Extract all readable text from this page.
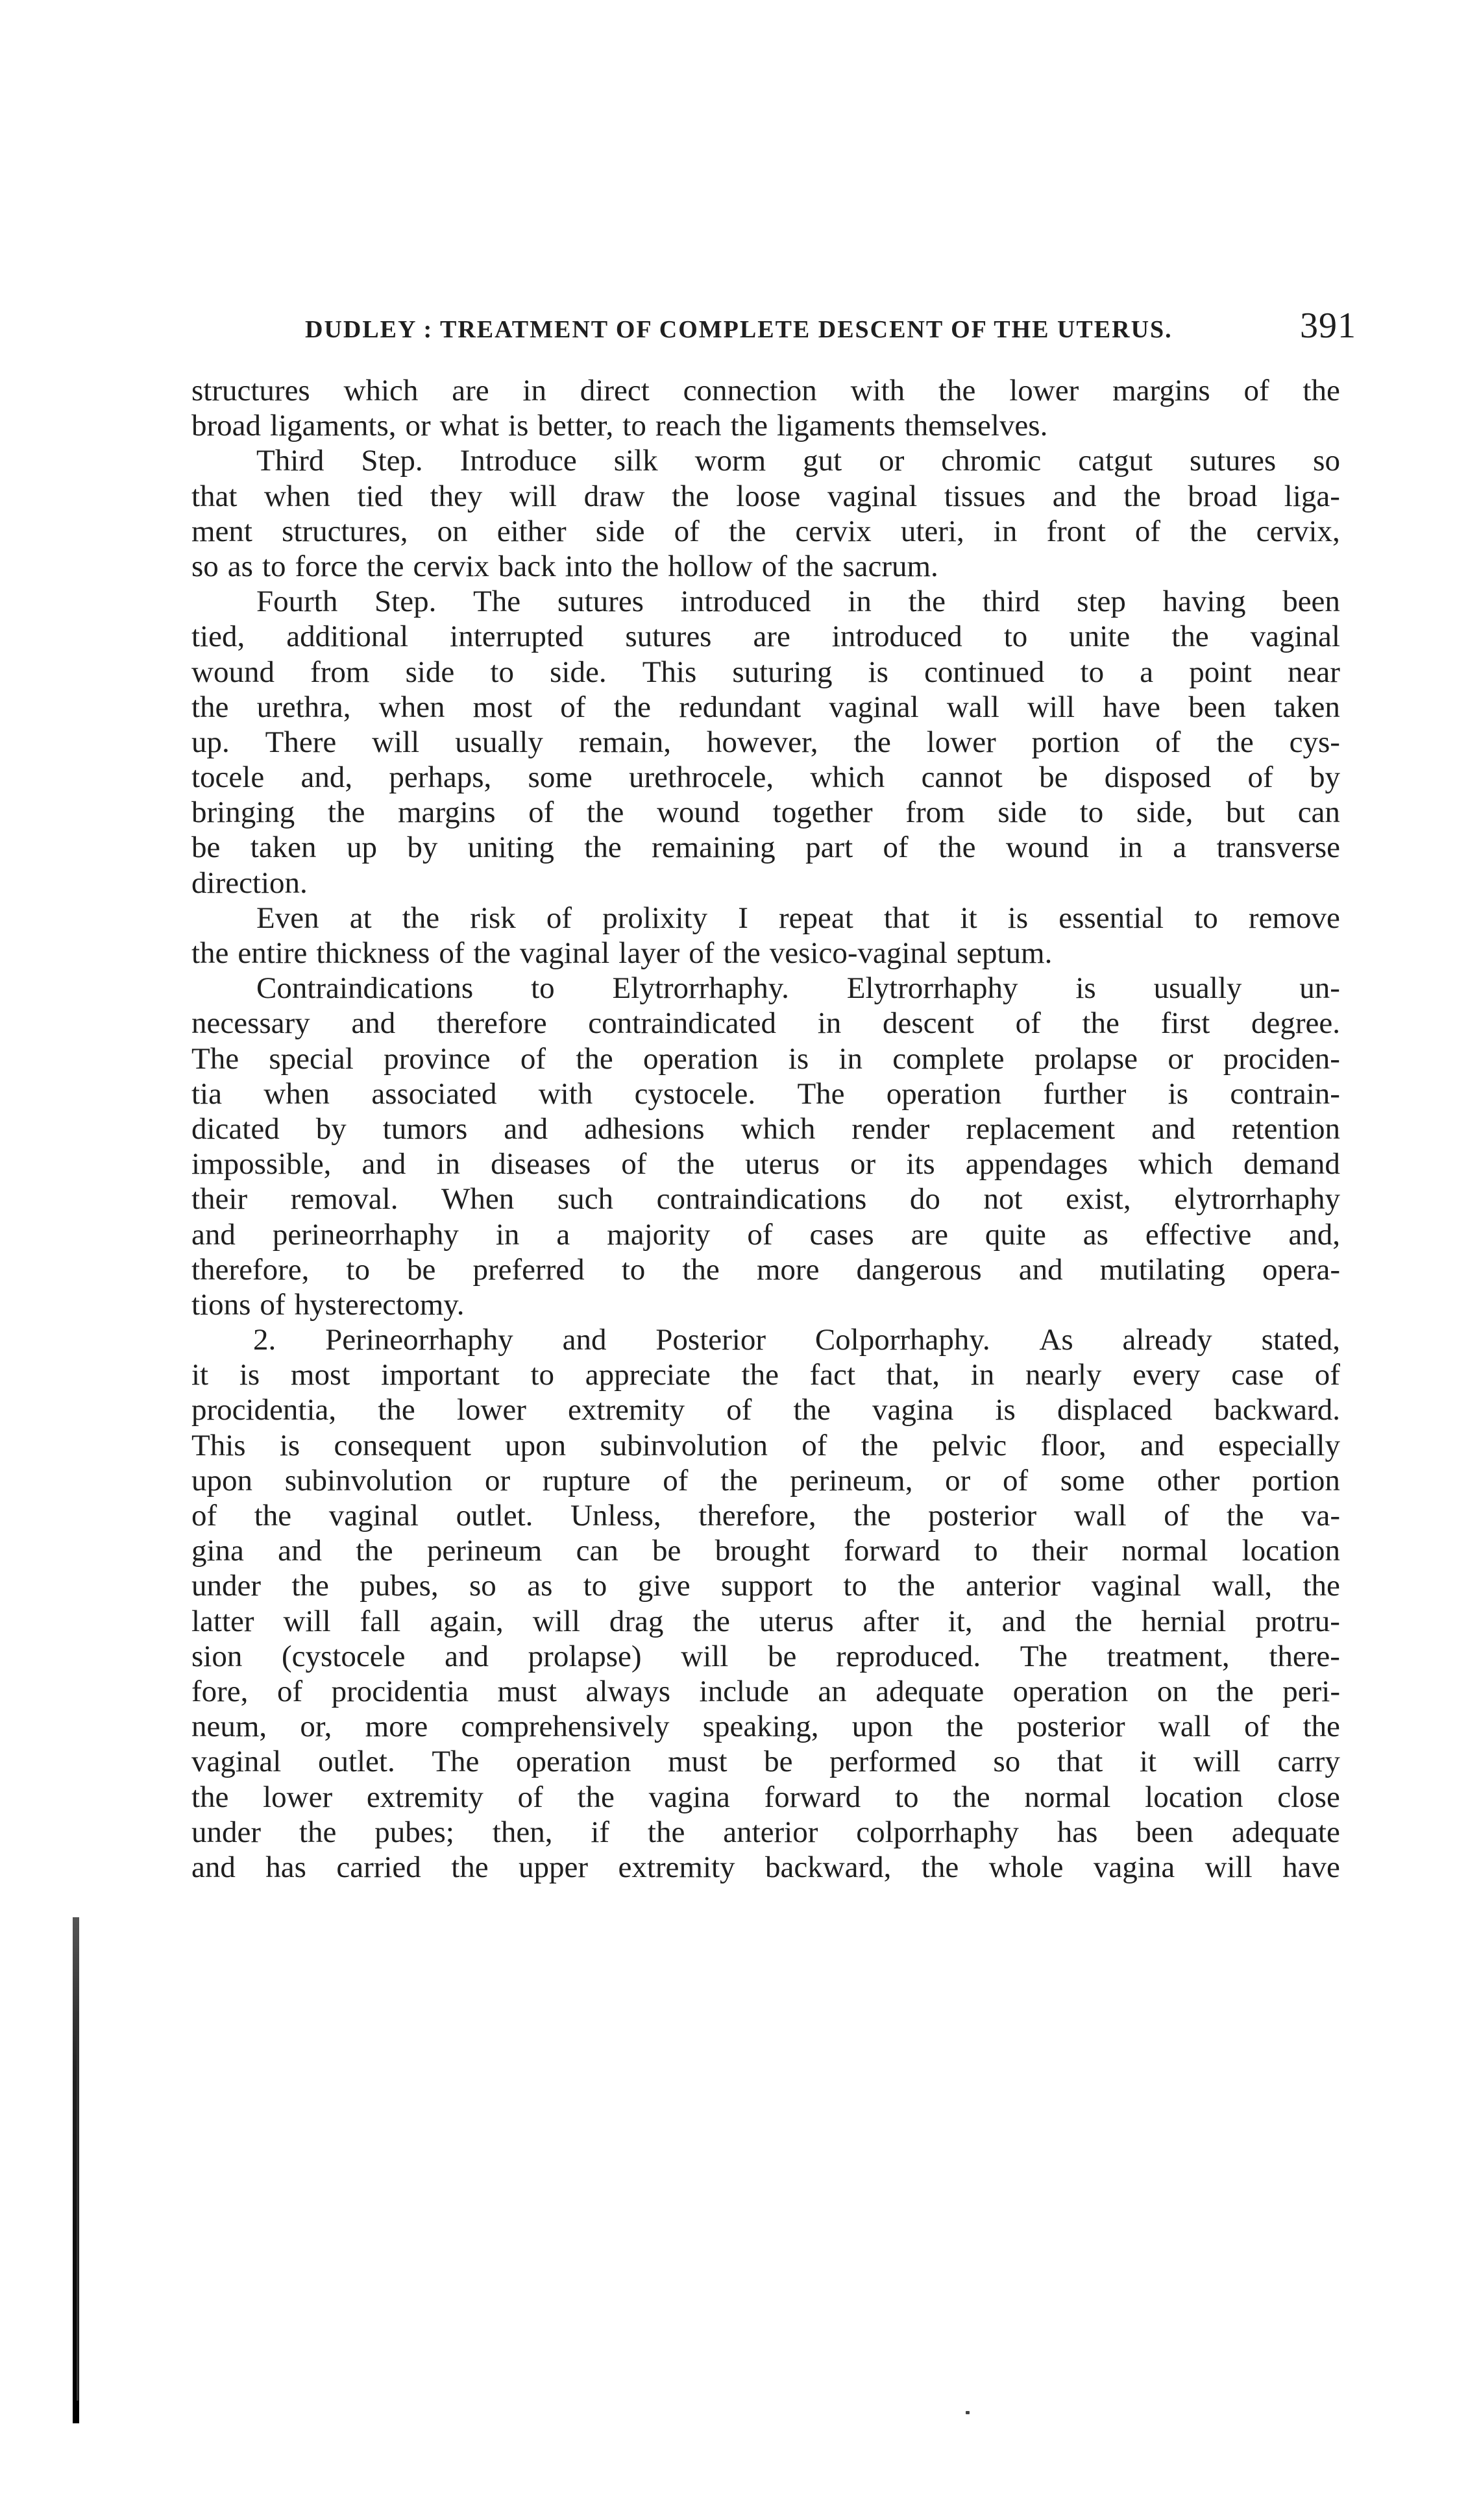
DUDLEY : TREATMENT OF COMPLETE DESCENT OF THE UTERUS.	391
structures which are in direct connection with the lower margins of the
broad ligaments, or what is better, to reach the ligaments themselves.
Third Step. Introduce silk worm gut or chromic catgut sutures so
that when tied they will draw the loose vaginal tissues and the broad liga-
ment structures, on either side of the cervix uteri, in front of the cervix,
so as to force the cervix back into the hollow of the sacrum.
Fourth Step. The sutures introduced in the third step having been
tied, additional interrupted sutures are introduced to unite the vaginal
wound from side to side. This suturing is continued to a point near
the urethra, when most of the redundant vaginal wall will have been taken
up. There will usually remain, however, the lower portion of the cys-
tocele and, perhaps, some urethrocele, which cannot be disposed of by
bringing the margins of the wound together from side to side, but can
be taken up by uniting the remaining part of the wound in a transverse
direction.
Even at the risk of prolixity I repeat that it is essential to remove
the entire thickness of the vaginal layer of the vesico-vaginal septum.
Contraindications to Elytrorrhaphy. Elytrorrhaphy is usually un-
necessary and therefore contraindicated in descent of the first degree.
The special province of the operation is in complete prolapse or prociden-
tia when associated with cystocele. The operation further is contrain-
dicated by tumors and adhesions which render replacement and retention
impossible, and in diseases of the uterus or its appendages which demand
their removal. When such contraindications do not exist, elytrorrhaphy
and perineorrhaphy in a majority of cases are quite as effective and,
therefore, to be preferred to the more dangerous and mutilating opera-
tions of hysterectomy.
2. Perineorrhaphy and Posterior Colporrhaphy. As already stated,
it is most important to appreciate the fact that, in nearly every case of
procidentia, the lower extremity of the vagina is displaced backward.
This is consequent upon subinvolution of the pelvic floor, and especially
upon subinvolution or rupture of the perineum, or of some other portion
of the vaginal outlet. Unless, therefore, the posterior wall of the va-
gina and the perineum can be brought forward to their normal location
under the pubes, so as to give support to the anterior vaginal wall, the
latter will fall again, will drag the uterus after it, and the hernial protru-
sion (cystocele and prolapse) will be reproduced. The treatment, there-
fore, of procidentia must always include an adequate operation on the peri-
neum, or, more comprehensively speaking, upon the posterior wall of the
vaginal outlet. The operation must be performed so that it will carry
the lower extremity of the vagina forward to the normal location close
under the pubes; then, if the anterior colporrhaphy has been adequate
and has carried the upper extremity backward, the whole vagina will have
